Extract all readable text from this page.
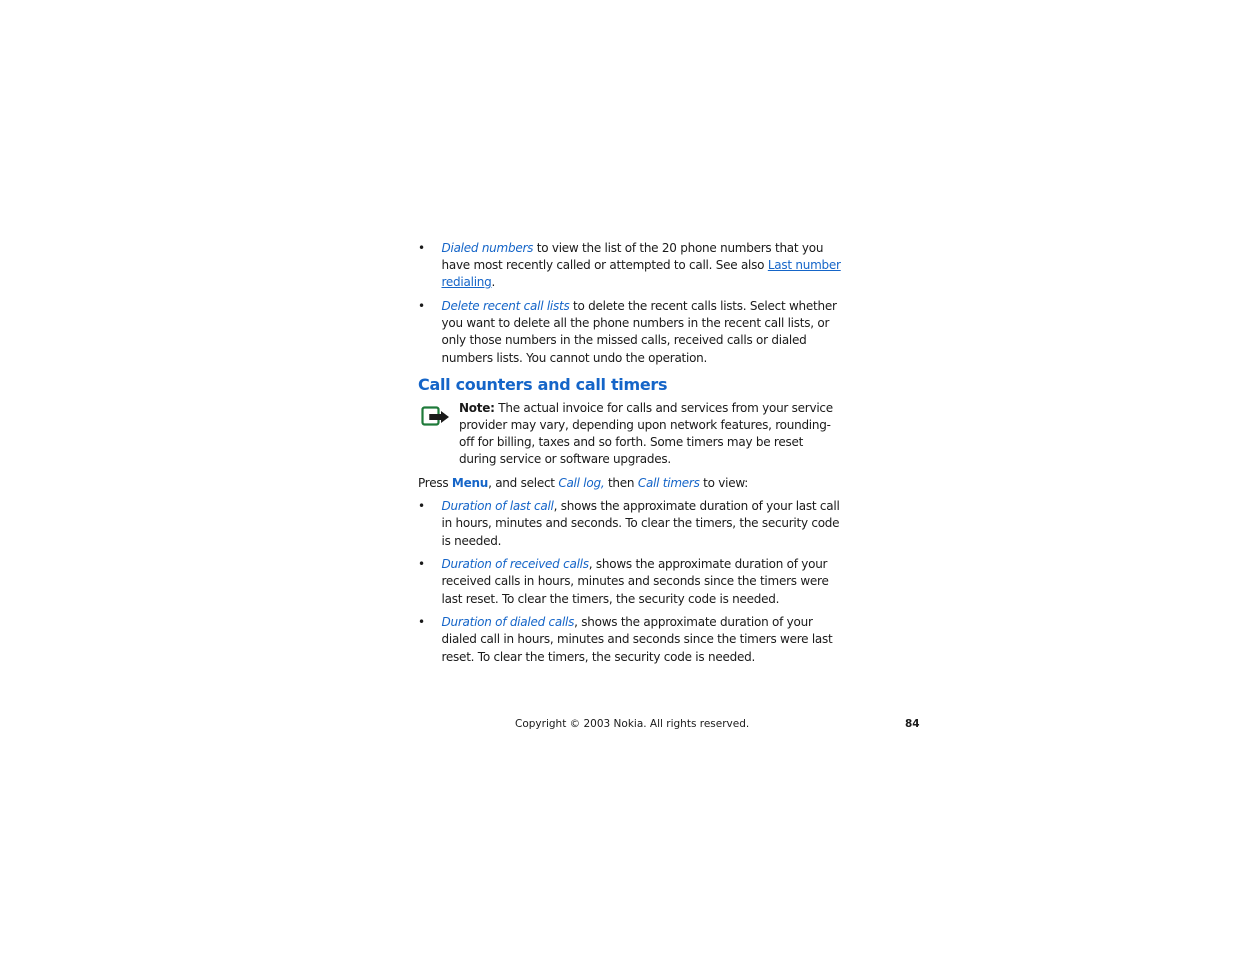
• Dialed numbers to view the list of the 20 phone numbers that you have most recently called or attempted to call. See also Last number redialing.
• Delete recent call lists to delete the recent calls lists. Select whether you want to delete all the phone numbers in the recent call lists, or only those numbers in the missed calls, received calls or dialed numbers lists. You cannot undo the operation.
Call counters and call timers
Note: The actual invoice for calls and services from your service provider may vary, depending upon network features, rounding-off for billing, taxes and so forth. Some timers may be reset during service or software upgrades.
Press Menu, and select Call log, then Call timers to view:
• Duration of last call, shows the approximate duration of your last call in hours, minutes and seconds. To clear the timers, the security code is needed.
• Duration of received calls, shows the approximate duration of your received calls in hours, minutes and seconds since the timers were last reset. To clear the timers, the security code is needed.
• Duration of dialed calls, shows the approximate duration of your dialed call in hours, minutes and seconds since the timers were last reset. To clear the timers, the security code is needed.
Copyright © 2003 Nokia. All rights reserved.	84
